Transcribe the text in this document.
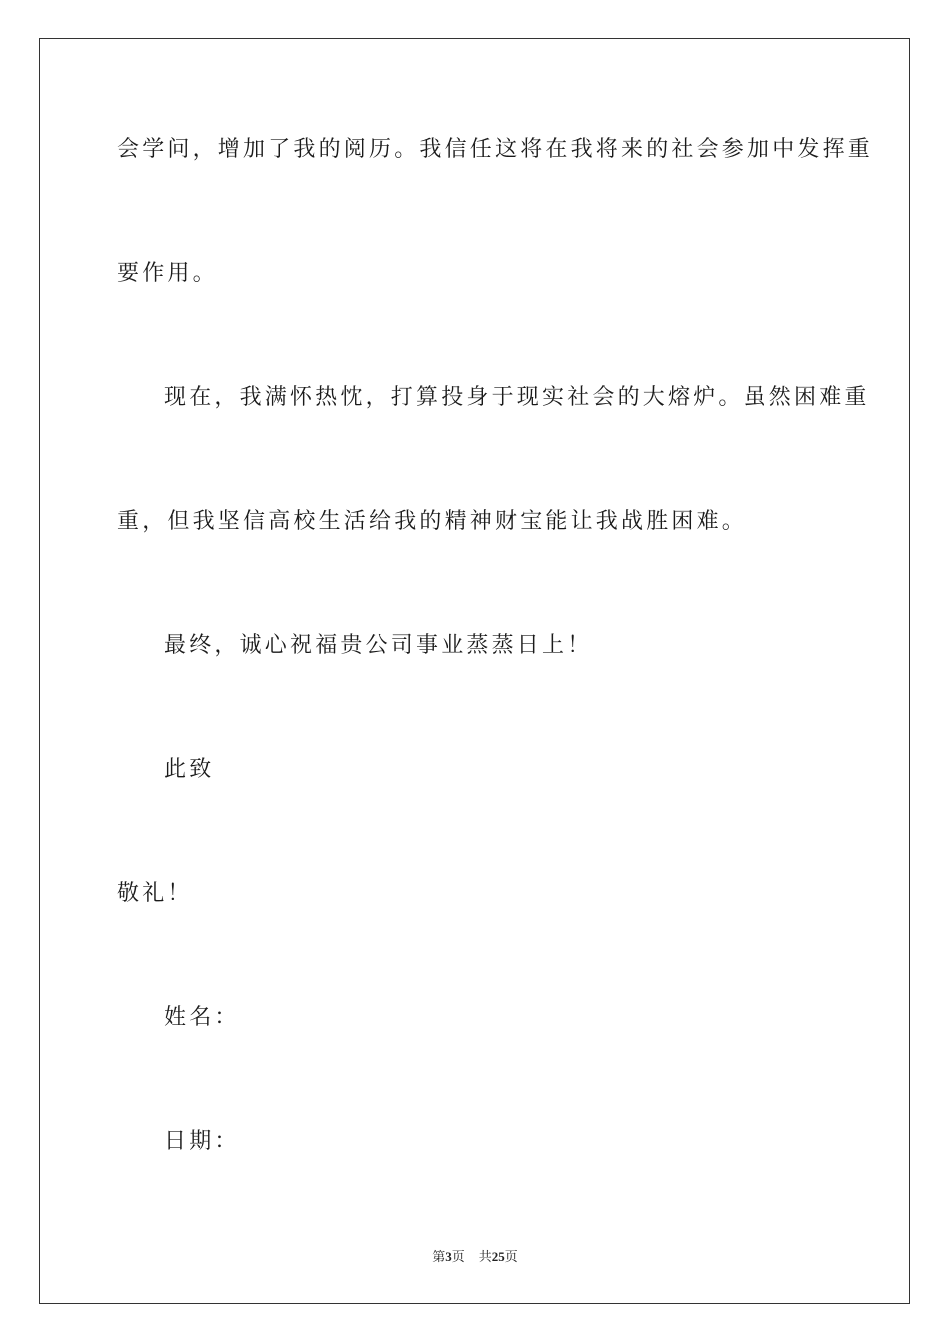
会学问，增加了我的阅历。我信任这将在我将来的社会参加中发挥重
要作用。
现在，我满怀热忱，打算投身于现实社会的大熔炉。虽然困难重
重，但我坚信高校生活给我的精神财宝能让我战胜困难。
最终，诚心祝福贵公司事业蒸蒸日上！
此致
敬礼！
姓名：
日期：
第3页 共25页
